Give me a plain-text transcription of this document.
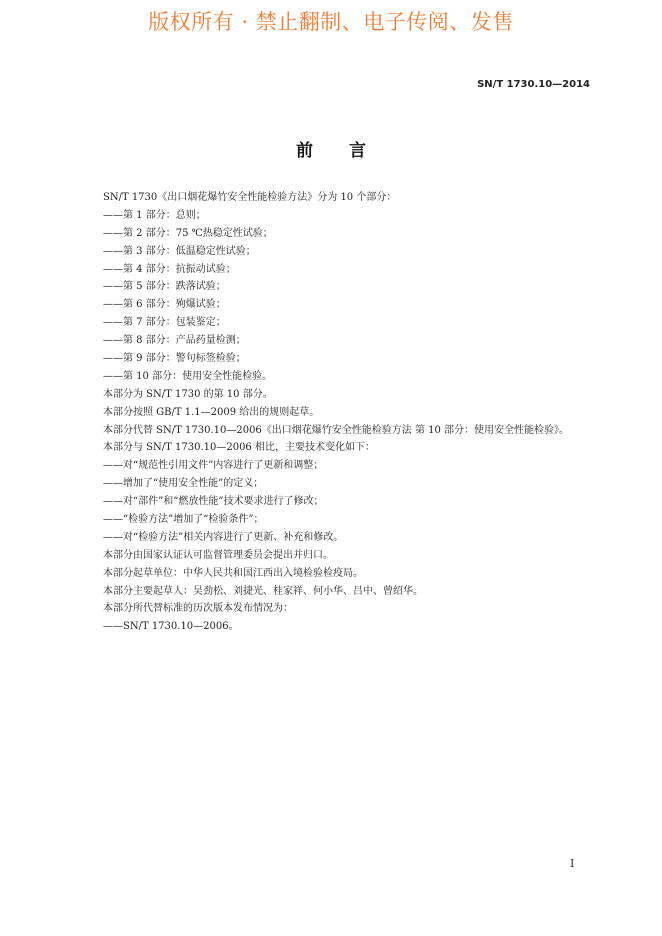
版权所有 · 禁止翻制、电子传阅、发售
SN/T 1730.10—2014
前言
SN/T 1730《出口烟花爆竹安全性能检验方法》分为 10 个部分：
——第 1 部分：总则；
——第 2 部分：75 ℃热稳定性试验；
——第 3 部分：低温稳定性试验；
——第 4 部分：抗振动试验；
——第 5 部分：跌落试验；
——第 6 部分：殉爆试验；
——第 7 部分：包装鉴定；
——第 8 部分：产品药量检测；
——第 9 部分：警句标签检验；
——第 10 部分：使用安全性能检验。
本部分为 SN/T 1730 的第 10 部分。
本部分按照 GB/T 1.1—2009 给出的规则起草。
本部分代替 SN/T 1730.10—2006《出口烟花爆竹安全性能检验方法 第 10 部分：使用安全性能检验》。
本部分与 SN/T 1730.10—2006 相比，主要技术变化如下：
——对“规范性引用文件”内容进行了更新和调整；
——增加了“使用安全性能”的定义；
——对“部件”和“燃放性能”技术要求进行了修改；
——“检验方法”增加了“检验条件”；
——对“检验方法”相关内容进行了更新、补充和修改。
本部分由国家认证认可监督管理委员会提出并归口。
本部分起草单位：中华人民共和国江西出入境检验检疫局。
本部分主要起草人：吴劲松、刘捷光、桂家祥、何小华、吕中、曾绍华。
本部分所代替标准的历次版本发布情况为：
——SN/T 1730.10—2006。
I
